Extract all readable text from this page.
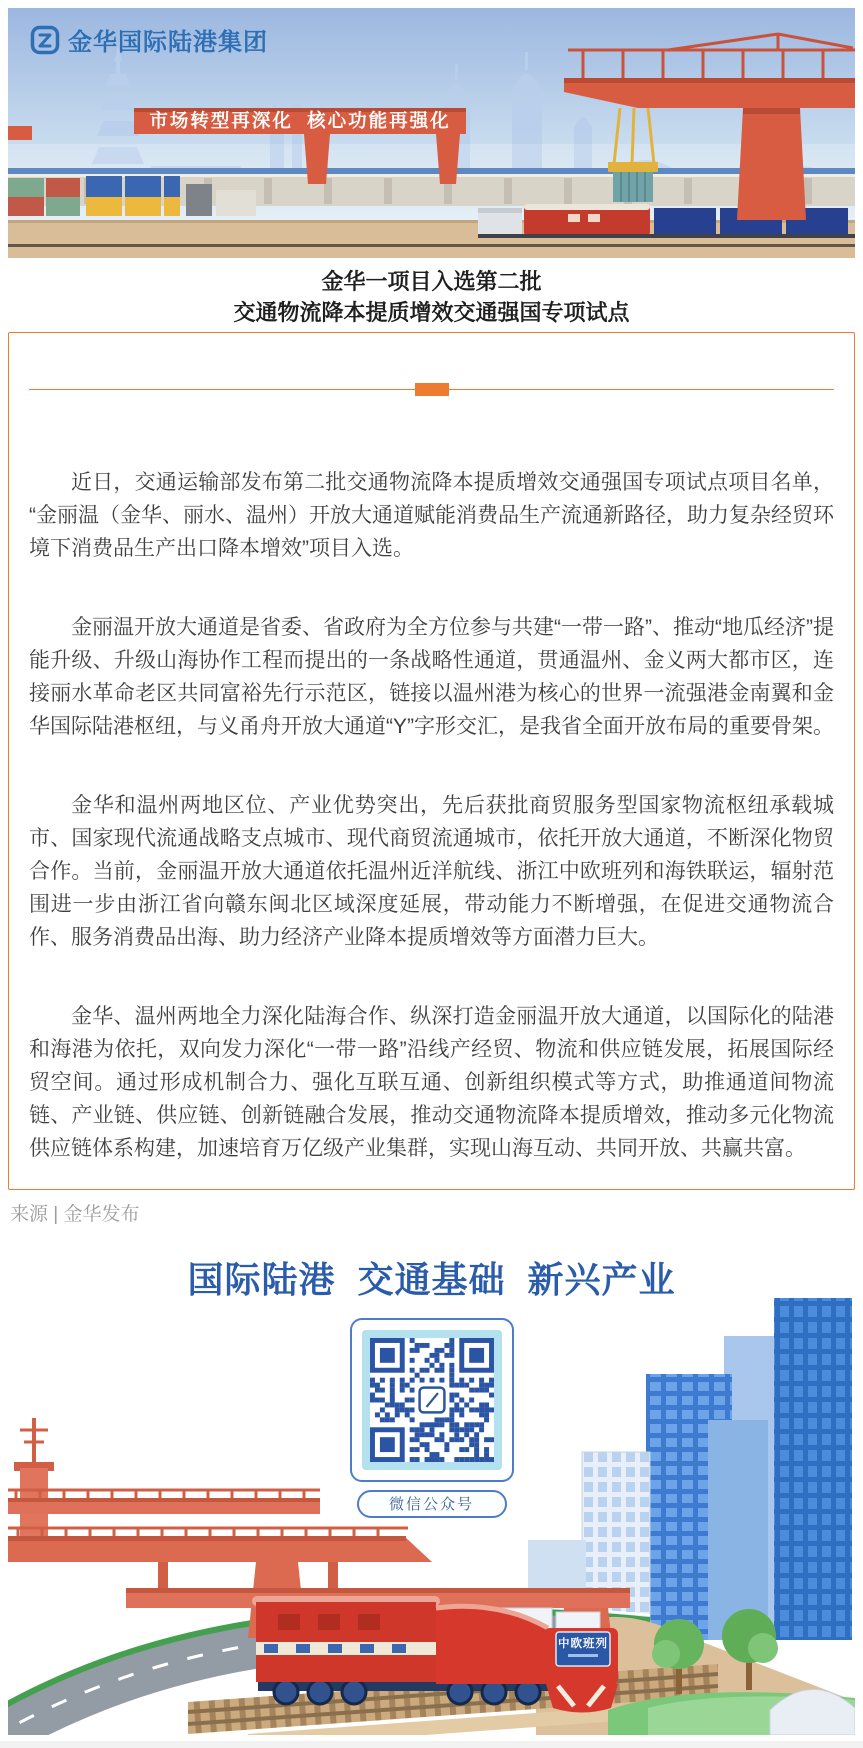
市场转型再深化  核心功能再强化
金华国际陆港集团
金华一项目入选第二批
交通物流降本提质增效交通强国专项试点

近日，交通运输部发布第二批交通物流降本提质增效交通强国专项试点项目名单，“金丽温（金华、丽水、温州）开放大通道赋能消费品生产流通新路径，助力复杂经贸环境下消费品生产出口降本增效”项目入选。

金丽温开放大通道是省委、省政府为全方位参与共建“一带一路”、推动“地瓜经济”提能升级、升级山海协作工程而提出的一条战略性通道，贯通温州、金义两大都市区，连接丽水革命老区共同富裕先行示范区，链接以温州港为核心的世界一流强港金南翼和金华国际陆港枢纽，与义甬舟开放大通道“Y”字形交汇，是我省全面开放布局的重要骨架。

金华和温州两地区位、产业优势突出，先后获批商贸服务型国家物流枢纽承载城市、国家现代流通战略支点城市、现代商贸流通城市，依托开放大通道，不断深化物贸合作。当前，金丽温开放大通道依托温州近洋航线、浙江中欧班列和海铁联运，辐射范围进一步由浙江省向赣东闽北区域深度延展，带动能力不断增强，在促进交通物流合作、服务消费品出海、助力经济产业降本提质增效等方面潜力巨大。

金华、温州两地全力深化陆海合作、纵深打造金丽温开放大通道，以国际化的陆港和海港为依托，双向发力深化“一带一路”沿线产经贸、物流和供应链发展，拓展国际经贸空间。通过形成机制合力、强化互联互通、创新组织模式等方式，助推通道间物流链、产业链、供应链、创新链融合发展，推动交通物流降本提质增效，推动多元化物流供应链体系构建，加速培育万亿级产业集群，实现山海互动、共同开放、共赢共富。

来源 | 金华发布
中欧班列
国际陆港  交通基础  新兴产业
微信公众号
